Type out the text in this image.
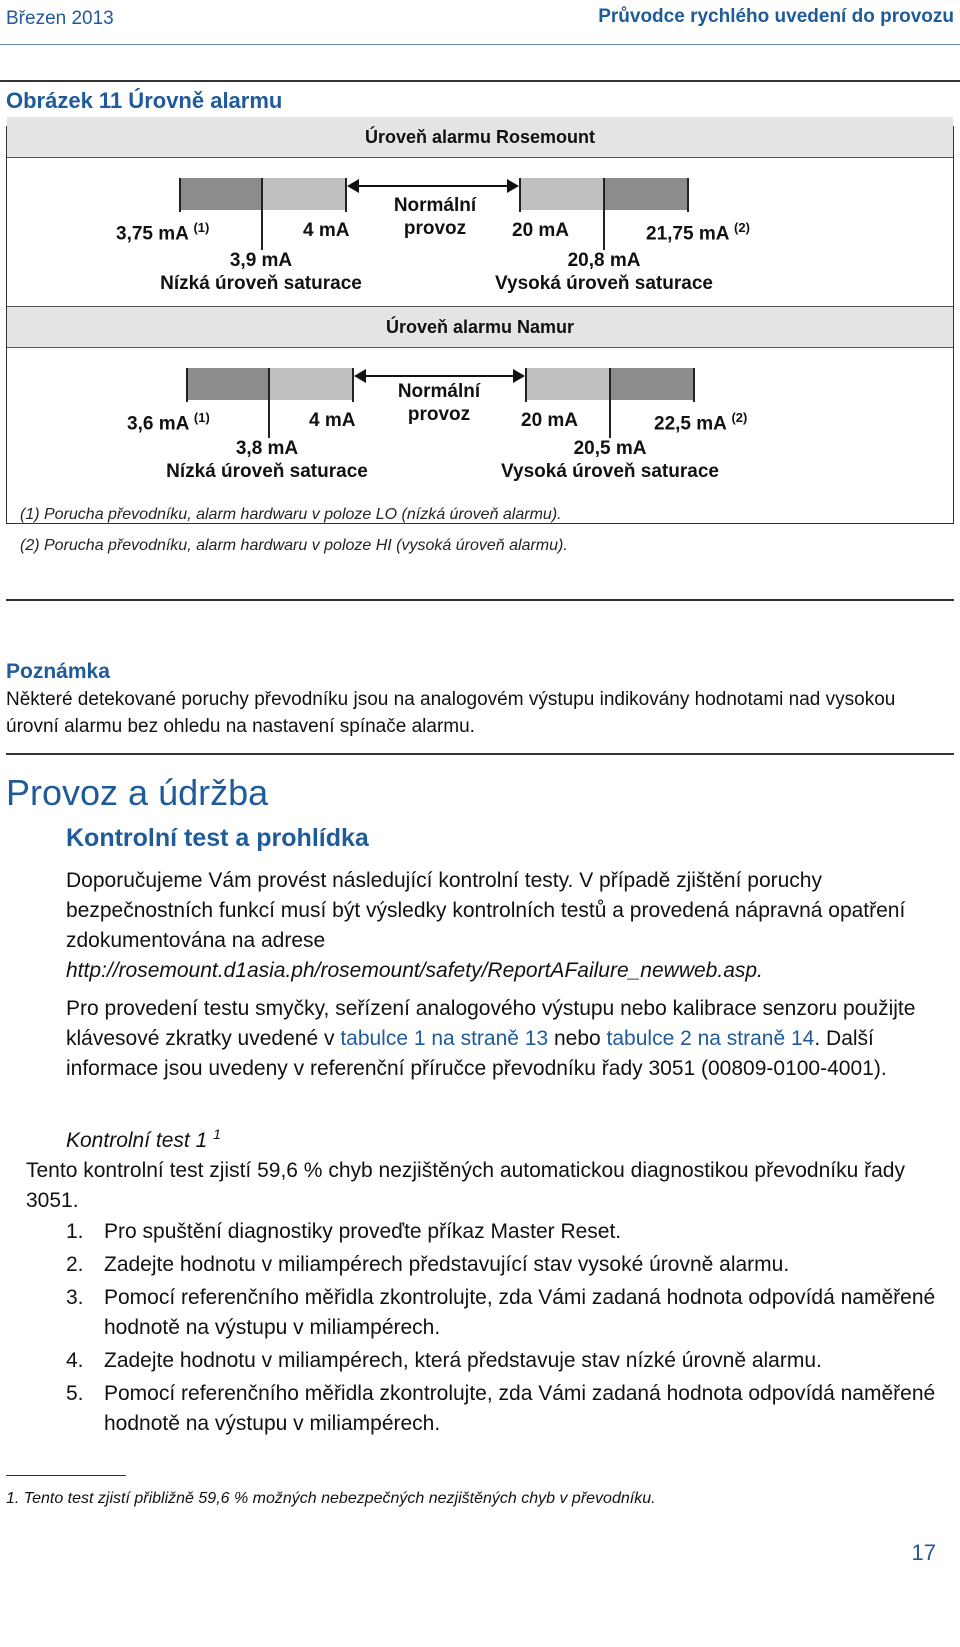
Březen 2013	Průvodce rychlého uvedení do provozu
Obrázek 11 Úrovně alarmu
Úroveň alarmu Rosemount
Normální
provoz
3,75 mA $^{(1)}$	4 mA	20 mA	21,75 mA $^{(2)}$
3,9 mA
Nízká úroveň saturace
20,8 mA
Vysoká úroveň saturace
Úroveň alarmu Namur
Normální
provoz
3,6 mA $^{(1)}$	4 mA	20 mA	22,5 mA $^{(2)}$
3,8 mA
Nízká úroveň saturace
20,5 mA
Vysoká úroveň saturace
(1) Porucha převodníku, alarm hardwaru v poloze LO (nízká úroveň alarmu).
(2) Porucha převodníku, alarm hardwaru v poloze HI (vysoká úroveň alarmu).
Poznámka
Některé detekované poruchy převodníku jsou na analogovém výstupu indikovány hodnotami nad vysokou úrovní alarmu bez ohledu na nastavení spínače alarmu.
Provoz a údržba
Kontrolní test a prohlídka
Doporučujeme Vám provést následující kontrolní testy. V případě zjištění poruchy bezpečnostních funkcí musí být výsledky kontrolních testů a provedená nápravná opatření zdokumentována na adrese http://rosemount.d1asia.ph/rosemount/safety/ReportAFailure_newweb.asp.
Pro provedení testu smyčky, seřízení analogového výstupu nebo kalibrace senzoru použijte klávesové zkratky uvedené v tabulce 1 na straně 13 nebo tabulce 2 na straně 14. Další informace jsou uvedeny v referenční příručce převodníku řady 3051 (00809-0100-4001).
Kontrolní test 1 $^1$
Tento kontrolní test zjistí 59,6 % chyb nezjištěných automatickou diagnostikou převodníku řady 3051.
1. Pro spuštění diagnostiky proveďte příkaz Master Reset.
2. Zadejte hodnotu v miliampérech představující stav vysoké úrovně alarmu.
3. Pomocí referenčního měřidla zkontrolujte, zda Vámi zadaná hodnota odpovídá naměřené hodnotě na výstupu v miliampérech.
4. Zadejte hodnotu v miliampérech, která představuje stav nízké úrovně alarmu.
5. Pomocí referenčního měřidla zkontrolujte, zda Vámi zadaná hodnota odpovídá naměřené hodnotě na výstupu v miliampérech.
1. Tento test zjistí přibližně 59,6 % možných nebezpečných nezjištěných chyb v převodníku.
17
